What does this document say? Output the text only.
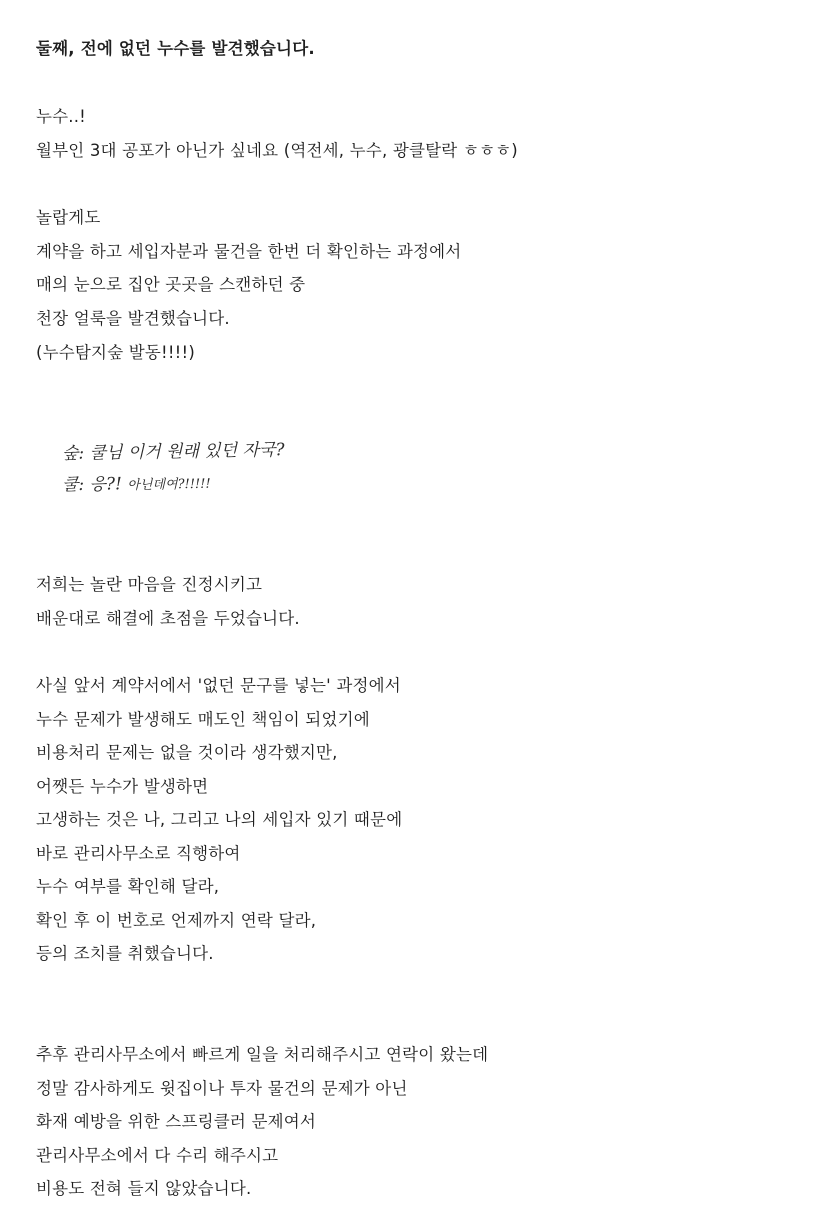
둘째, 전에 없던 누수를 발견했습니다.
누수..!
월부인 3대 공포가 아닌가 싶네요 (역전세, 누수, 광클탈락 ㅎㅎㅎ)
놀랍게도
계약을 하고 세입자분과 물건을 한번 더 확인하는 과정에서
매의 눈으로 집안 곳곳을 스캔하던 중
천장 얼룩을 발견했습니다.
(누수탐지숲 발동!!!!)
숲: 쿨님 이거 원래 있던 자국?
쿨: 응?! 아닌데여?!!!!!
저희는 놀란 마음을 진정시키고
배운대로 해결에 초점을 두었습니다.
사실 앞서 계약서에서 '없던 문구를 넣는' 과정에서
누수 문제가 발생해도 매도인 책임이 되었기에
비용처리 문제는 없을 것이라 생각했지만,
어쨋든 누수가 발생하면
고생하는 것은 나, 그리고 나의 세입자 있기 때문에
바로 관리사무소로 직행하여
누수 여부를 확인해 달라,
확인 후 이 번호로 언제까지 연락 달라,
등의 조치를 취했습니다.
추후 관리사무소에서 빠르게 일을 처리해주시고 연락이 왔는데
정말 감사하게도 윗집이나 투자 물건의 문제가 아닌
화재 예방을 위한 스프링클러 문제여서
관리사무소에서 다 수리 해주시고
비용도 전혀 들지 않았습니다.
